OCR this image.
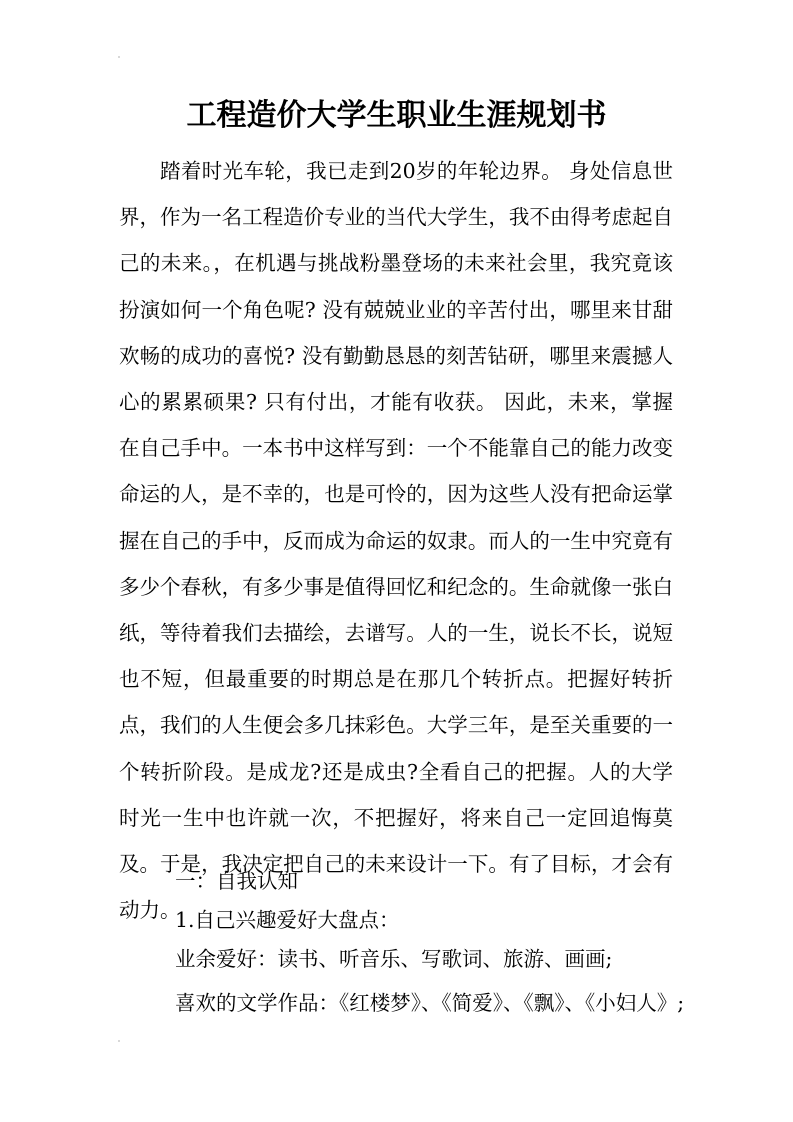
工程造价大学生职业生涯规划书

踏着时光车轮，我已走到20岁的年轮边界。 身处信息世界，作为一名工程造价专业的当代大学生，我不由得考虑起自己的未来。，在机遇与挑战粉墨登场的未来社会里，我究竟该扮演如何一个角色呢? 没有兢兢业业的辛苦付出，哪里来甘甜欢畅的成功的喜悦? 没有勤勤恳恳的刻苦钻研，哪里来震撼人心的累累硕果? 只有付出，才能有收获。 因此，未来，掌握在自己手中。一本书中这样写到：一个不能靠自己的能力改变命运的人，是不幸的，也是可怜的，因为这些人没有把命运掌握在自己的手中，反而成为命运的奴隶。而人的一生中究竟有多少个春秋，有多少事是值得回忆和纪念的。生命就像一张白纸，等待着我们去描绘，去谱写。人的一生，说长不长，说短也不短，但最重要的时期总是在那几个转折点。把握好转折点，我们的人生便会多几抹彩色。大学三年，是至关重要的一个转折阶段。是成龙?还是成虫?全看自己的把握。人的大学时光一生中也许就一次，不把握好，将来自己一定回追悔莫及。于是，我决定把自己的未来设计一下。有了目标，才会有动力。

一：自我认知

1.自己兴趣爱好大盘点：

业余爱好：读书、听音乐、写歌词、旅游、画画;

喜欢的文学作品：《红楼梦》、《简爱》、《飘》、《小妇人》;
